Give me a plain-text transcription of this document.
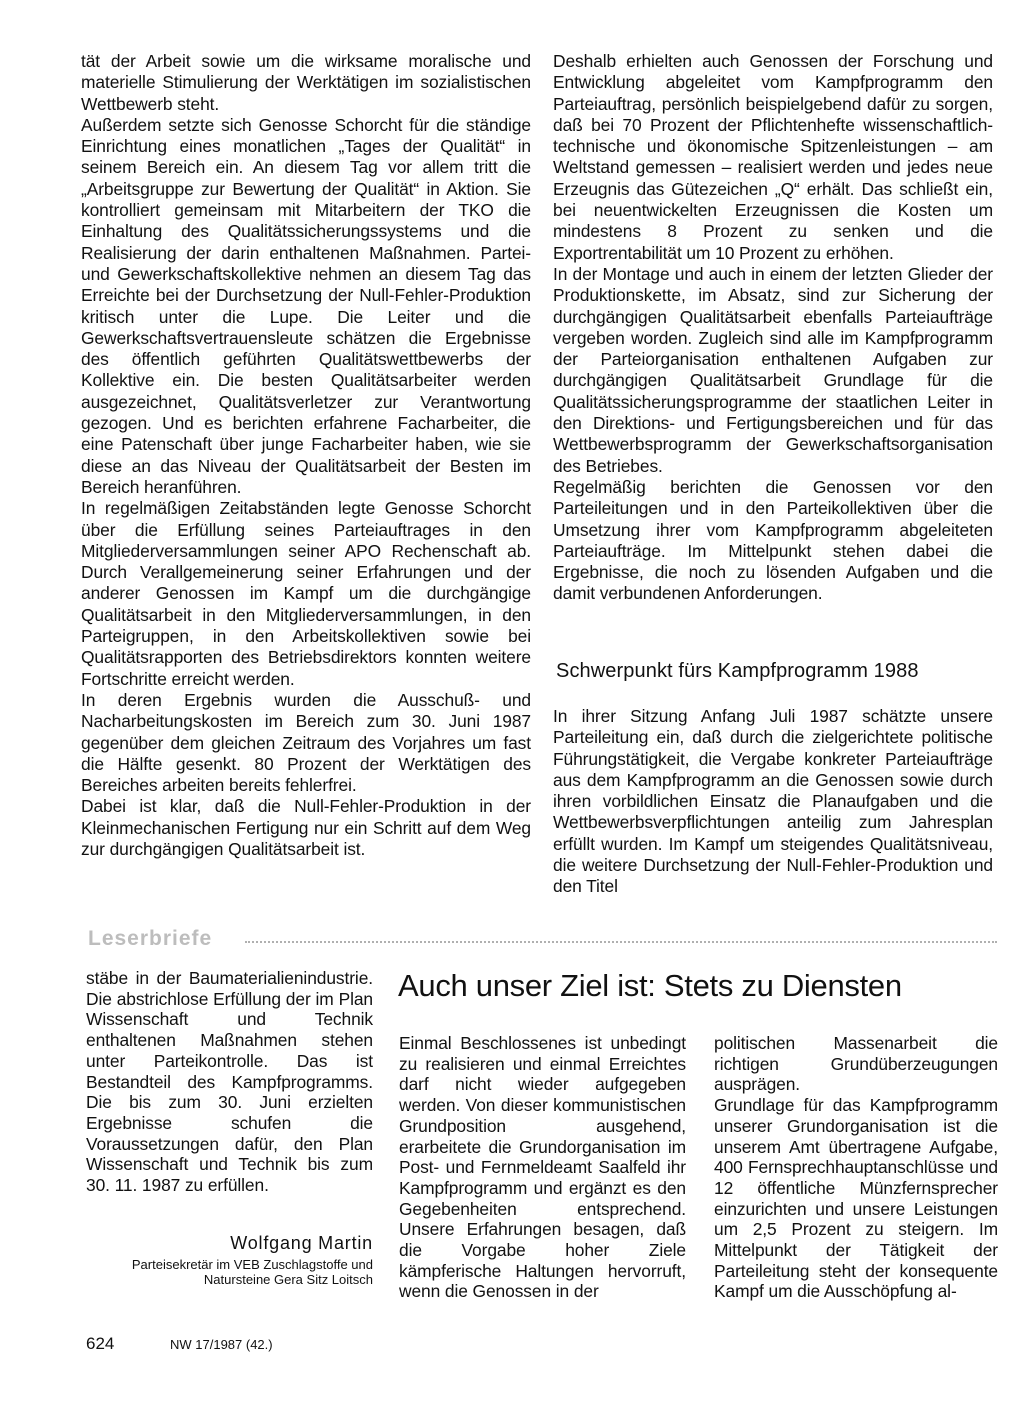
tät der Arbeit sowie um die wirksame moralische und materielle Stimulierung der Werktätigen im sozialistischen Wettbewerb steht.

Außerdem setzte sich Genosse Schorcht für die ständige Einrichtung eines monatlichen „Tages der Qualität“ in seinem Bereich ein. An diesem Tag vor allem tritt die „Arbeitsgruppe zur Bewertung der Qualität“ in Aktion. Sie kontrolliert gemeinsam mit Mitarbeitern der TKO die Einhaltung des Qualitätssicherungssystems und die Realisierung der darin enthaltenen Maßnahmen. Partei- und Gewerkschaftskollektive nehmen an diesem Tag das Erreichte bei der Durchsetzung der Null-Fehler-Produktion kritisch unter die Lupe. Die Leiter und die Gewerkschaftsvertrauensleute schätzen die Ergebnisse des öffentlich geführten Qualitätswettbewerbs der Kollektive ein. Die besten Qualitätsarbeiter werden ausgezeichnet, Qualitätsverletzer zur Verantwortung gezogen. Und es berichten erfahrene Facharbeiter, die eine Patenschaft über junge Facharbeiter haben, wie sie diese an das Niveau der Qualitätsarbeit der Besten im Bereich heranführen.

In regelmäßigen Zeitabständen legte Genosse Schorcht über die Erfüllung seines Parteiauftrages in den Mitgliederversammlungen seiner APO Rechenschaft ab. Durch Verallgemeinerung seiner Erfahrungen und der anderer Genossen im Kampf um die durchgängige Qualitätsarbeit in den Mitgliederversammlungen, in den Parteigruppen, in den Arbeitskollektiven sowie bei Qualitätsrapporten des Betriebsdirektors konnten weitere Fortschritte erreicht werden.

In deren Ergebnis wurden die Ausschuß- und Nacharbeitungskosten im Bereich zum 30. Juni 1987 gegenüber dem gleichen Zeitraum des Vorjahres um fast die Hälfte gesenkt. 80 Prozent der Werktätigen des Bereiches arbeiten bereits fehlerfrei.

Dabei ist klar, daß die Null-Fehler-Produktion in der Kleinmechanischen Fertigung nur ein Schritt auf dem Weg zur durchgängigen Qualitätsarbeit ist.

Deshalb erhielten auch Genossen der Forschung und Entwicklung abgeleitet vom Kampfprogramm den Parteiauftrag, persönlich beispielgebend dafür zu sorgen, daß bei 70 Prozent der Pflichtenhefte wissenschaftlich-technische und ökonomische Spitzenleistungen – am Weltstand gemessen – realisiert werden und jedes neue Erzeugnis das Gütezeichen „Q“ erhält. Das schließt ein, bei neuentwickelten Erzeugnissen die Kosten um mindestens 8 Prozent zu senken und die Exportrentabilität um 10 Prozent zu erhöhen.

In der Montage und auch in einem der letzten Glieder der Produktionskette, im Absatz, sind zur Sicherung der durchgängigen Qualitätsarbeit ebenfalls Parteiaufträge vergeben worden. Zugleich sind alle im Kampfprogramm der Parteiorganisation enthaltenen Aufgaben zur durchgängigen Qualitätsarbeit Grundlage für die Qualitätssicherungsprogramme der staatlichen Leiter in den Direktions- und Fertigungsbereichen und für das Wettbewerbsprogramm der Gewerkschaftsorganisation des Betriebes.

Regelmäßig berichten die Genossen vor den Parteileitungen und in den Parteikollektiven über die Umsetzung ihrer vom Kampfprogramm abgeleiteten Parteiaufträge. Im Mittelpunkt stehen dabei die Ergebnisse, die noch zu lösenden Aufgaben und die damit verbundenen Anforderungen.

Schwerpunkt fürs Kampfprogramm 1988

In ihrer Sitzung Anfang Juli 1987 schätzte unsere Parteileitung ein, daß durch die zielgerichtete politische Führungstätigkeit, die Vergabe konkreter Parteiaufträge aus dem Kampfprogramm an die Genossen sowie durch ihren vorbildlichen Einsatz die Planaufgaben und die Wettbewerbsverpflichtungen anteilig zum Jahresplan erfüllt wurden. Im Kampf um steigendes Qualitätsniveau, die weitere Durchsetzung der Null-Fehler-Produktion und den Titel

Leserbriefe

stäbe in der Baumaterialienindustrie. Die abstrichlose Erfüllung der im Plan Wissenschaft und Technik enthaltenen Maßnahmen stehen unter Parteikontrolle. Das ist Bestandteil des Kampfprogramms. Die bis zum 30. Juni erzielten Ergebnisse schufen die Voraussetzungen dafür, den Plan Wissenschaft und Technik bis zum 30. 11. 1987 zu erfüllen.

Wolfgang Martin
Parteisekretär im VEB Zuschlagstoffe und Natursteine Gera Sitz Loitsch
Auch unser Ziel ist: Stets zu Diensten

Einmal Beschlossenes ist unbedingt zu realisieren und einmal Erreichtes darf nicht wieder aufgegeben werden. Von dieser kommunistischen Grundposition ausgehend, erarbeitete die Grundorganisation im Post- und Fernmeldeamt Saalfeld ihr Kampfprogramm und ergänzt es den Gegebenheiten entsprechend. Unsere Erfahrungen besagen, daß die Vorgabe hoher Ziele kämpferische Haltungen hervorruft, wenn die Genossen in der

politischen Massenarbeit die richtigen Grundüberzeugungen ausprägen.

Grundlage für das Kampfprogramm unserer Grundorganisation ist die unserem Amt übertragene Aufgabe, 400 Fernsprechhauptanschlüsse und 12 öffentliche Münzfernsprecher einzurichten und unsere Leistungen um 2,5 Prozent zu steigern. Im Mittelpunkt der Tätigkeit der Parteileitung steht der konsequente Kampf um die Ausschöpfung al-

624	NW 17/1987 (42.)
